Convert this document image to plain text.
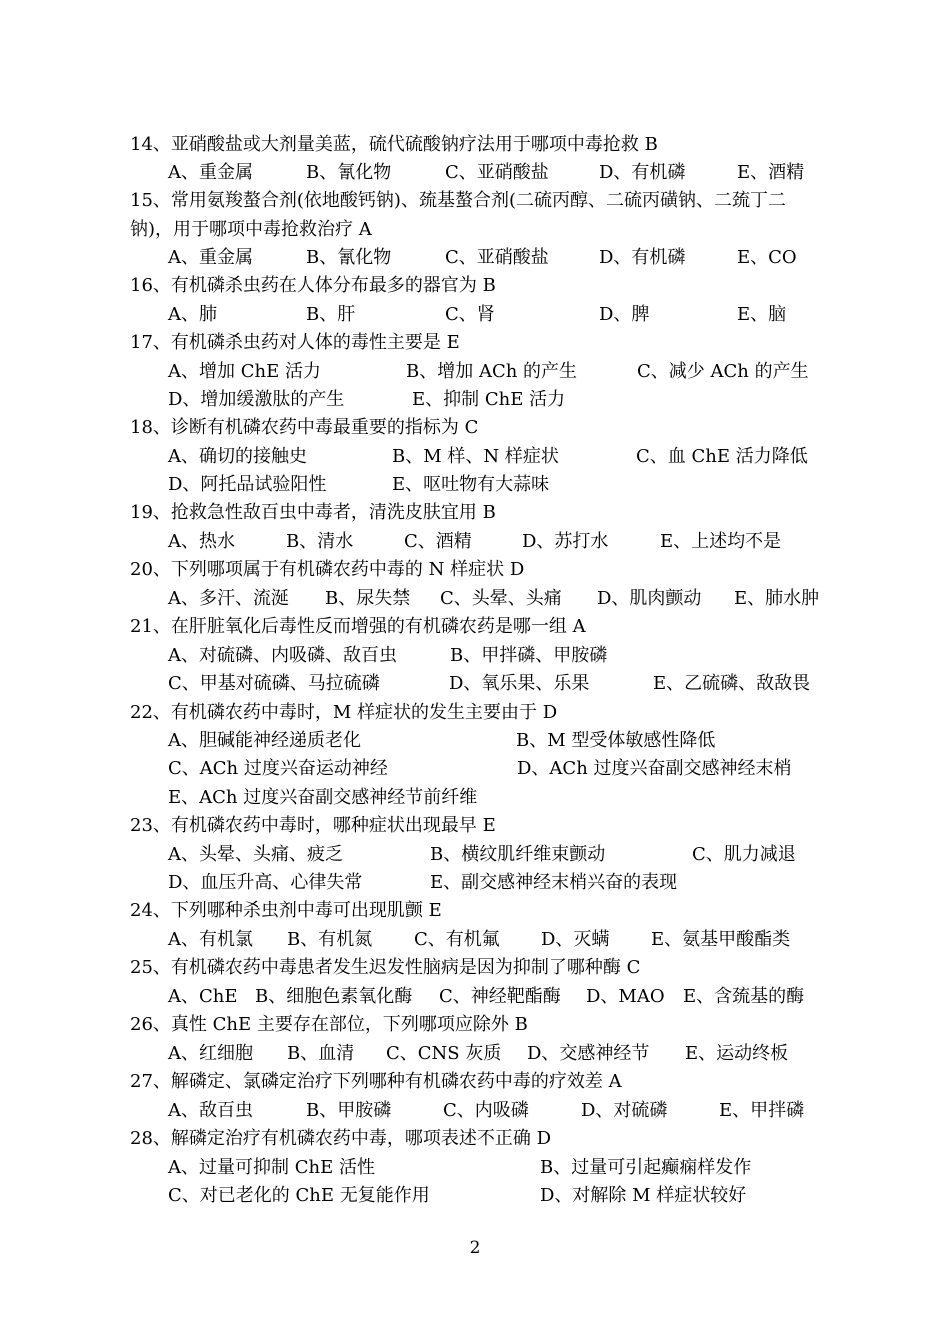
14、亚硝酸盐或大剂量美蓝，硫代硫酸钠疗法用于哪项中毒抢救 B
A、重金属	B、氰化物	C、亚硝酸盐	D、有机磷	E、酒精
15、常用氨羧螯合剂(依地酸钙钠)、巯基螯合剂(二硫丙醇、二硫丙磺钠、二巯丁二
钠)，用于哪项中毒抢救治疗 A
A、重金属	B、氰化物	C、亚硝酸盐	D、有机磷	E、CO
16、有机磷杀虫药在人体分布最多的器官为 B
A、肺	B、肝	C、肾	D、脾	E、脑
17、有机磷杀虫药对人体的毒性主要是 E
A、增加 ChE 活力	B、增加 ACh 的产生	C、减少 ACh 的产生
D、增加缓激肽的产生	E、抑制 ChE 活力
18、诊断有机磷农药中毒最重要的指标为 C
A、确切的接触史	B、M 样、N 样症状	C、血 ChE 活力降低
D、阿托品试验阳性	E、呕吐物有大蒜味
19、抢救急性敌百虫中毒者，清洗皮肤宜用 B
A、热水	B、清水	C、酒精	D、苏打水	E、上述均不是
20、下列哪项属于有机磷农药中毒的 N 样症状 D
A、多汗、流涎 B、尿失禁 C、头晕、头痛 D、肌肉颤动 E、肺水肿
21、在肝脏氧化后毒性反而增强的有机磷农药是哪一组 A
A、对硫磷、内吸磷、敌百虫	B、甲拌磷、甲胺磷
C、甲基对硫磷、马拉硫磷	D、氧乐果、乐果	E、乙硫磷、敌敌畏
22、有机磷农药中毒时，M 样症状的发生主要由于 D
A、胆碱能神经递质老化	B、M 型受体敏感性降低
C、ACh 过度兴奋运动神经	D、ACh 过度兴奋副交感神经末梢
E、ACh 过度兴奋副交感神经节前纤维
23、有机磷农药中毒时，哪种症状出现最早 E
A、头晕、头痛、疲乏	B、横纹肌纤维束颤动	C、肌力减退
D、血压升高、心律失常	E、副交感神经末梢兴奋的表现
24、下列哪种杀虫剂中毒可出现肌颤 E
A、有机氯 B、有机氮 C、有机氟 D、灭螨 E、氨基甲酸酯类
25、有机磷农药中毒患者发生迟发性脑病是因为抑制了哪种酶 C
A、ChE B、细胞色素氧化酶 C、神经靶酯酶 D、MAO E、含巯基的酶
26、真性 ChE 主要存在部位，下列哪项应除外 B
A、红细胞 B、血清 C、CNS 灰质 D、交感神经节 E、运动终板
27、解磷定、氯磷定治疗下列哪种有机磷农药中毒的疗效差 A
A、敌百虫	B、甲胺磷	C、内吸磷	D、对硫磷	E、甲拌磷
28、解磷定治疗有机磷农药中毒，哪项表述不正确 D
A、过量可抑制 ChE 活性	B、过量可引起癫痫样发作
C、对已老化的 ChE 无复能作用	D、对解除 M 样症状较好
2
